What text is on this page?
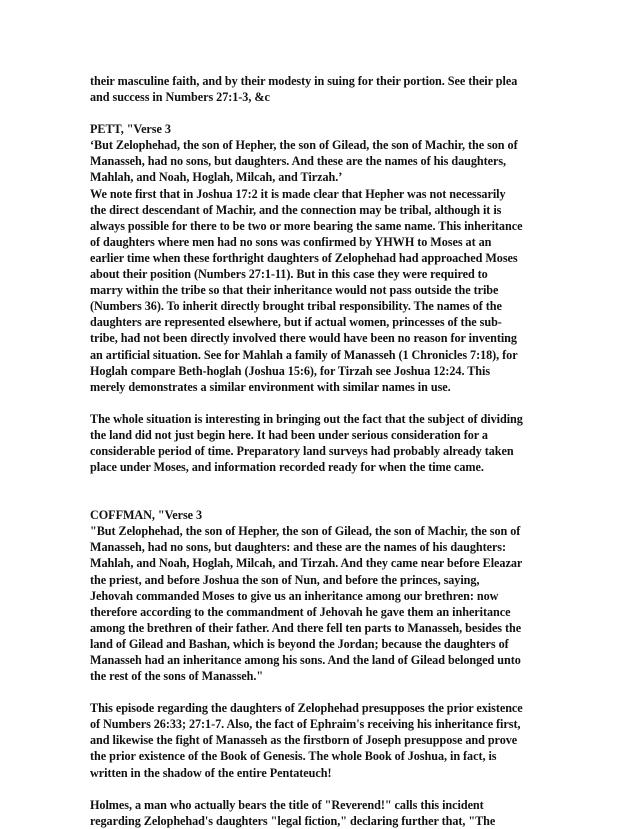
their masculine faith, and by their modesty in suing for their portion. See their plea
and success in Numbers 27:1-3, &c
PETT, "Verse 3
‘But Zelophehad, the son of Hepher, the son of Gilead, the son of Machir, the son of
Manasseh, had no sons, but daughters. And these are the names of his daughters,
Mahlah, and Noah, Hoglah, Milcah, and Tirzah.’
We note first that in Joshua 17:2 it is made clear that Hepher was not necessarily
the direct descendant of Machir, and the connection may be tribal, although it is
always possible for there to be two or more bearing the same name. This inheritance
of daughters where men had no sons was confirmed by YHWH to Moses at an
earlier time when these forthright daughters of Zelophehad had approached Moses
about their position (Numbers 27:1-11). But in this case they were required to
marry within the tribe so that their inheritance would not pass outside the tribe
(Numbers 36). To inherit directly brought tribal responsibility. The names of the
daughters are represented elsewhere, but if actual women, princesses of the sub-
tribe, had not been directly involved there would have been no reason for inventing
an artificial situation. See for Mahlah a family of Manasseh (1 Chronicles 7:18), for
Hoglah compare Beth-hoglah (Joshua 15:6), for Tirzah see Joshua 12:24. This
merely demonstrates a similar environment with similar names in use.
The whole situation is interesting in bringing out the fact that the subject of dividing
the land did not just begin here. It had been under serious consideration for a
considerable period of time. Preparatory land surveys had probably already taken
place under Moses, and information recorded ready for when the time came.
COFFMAN, "Verse 3
"But Zelophehad, the son of Hepher, the son of Gilead, the son of Machir, the son of
Manasseh, had no sons, but daughters: and these are the names of his daughters:
Mahlah, and Noah, Hoglah, Milcah, and Tirzah. And they came near before Eleazar
the priest, and before Joshua the son of Nun, and before the princes, saying,
Jehovah commanded Moses to give us an inheritance among our brethren: now
therefore according to the commandment of Jehovah he gave them an inheritance
among the brethren of their father. And there fell ten parts to Manasseh, besides the
land of Gilead and Bashan, which is beyond the Jordan; because the daughters of
Manasseh had an inheritance among his sons. And the land of Gilead belonged unto
the rest of the sons of Manasseh."
This episode regarding the daughters of Zelophehad presupposes the prior existence
of Numbers 26:33; 27:1-7. Also, the fact of Ephraim's receiving his inheritance first,
and likewise the fight of Manasseh as the firstborn of Joseph presuppose and prove
the prior existence of the Book of Genesis. The whole Book of Joshua, in fact, is
written in the shadow of the entire Pentateuch!
Holmes, a man who actually bears the title of "Reverend!" calls this incident
regarding Zelophehad's daughters "legal fiction," declaring further that, "The
